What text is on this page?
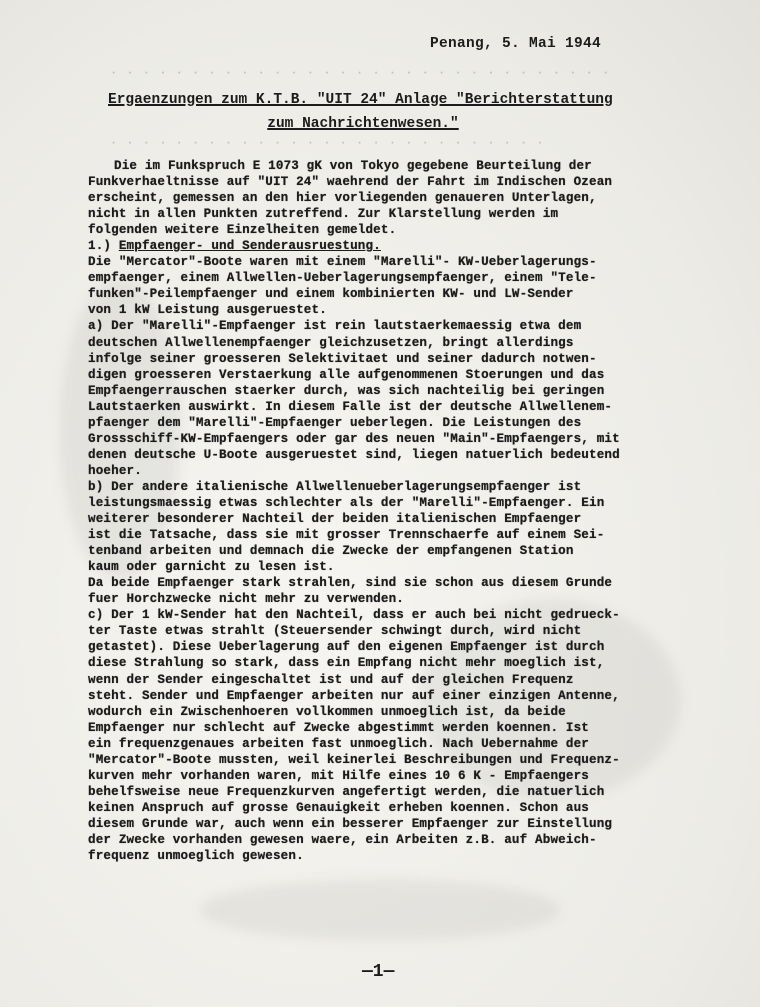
Penang, 5. Mai 1944
· · · · · · · · · · · · · · · · · · · · · · · · · · · · · · ·
· · · · · · · · · · · · · · · · · · · · · · · · · · ·
Ergaenzungen zum K.T.B. "UIT 24" Anlage "Berichterstattung
zum Nachrichtenwesen."
Die im Funkspruch E 1073 gK von Tokyo gegebene Beurteilung der
Funkverhaeltnisse auf "UIT 24" waehrend der Fahrt im Indischen Ozean
erscheint, gemessen an den hier vorliegenden genaueren Unterlagen,
nicht in allen Punkten zutreffend. Zur Klarstellung werden im
folgenden weitere Einzelheiten gemeldet.
1.) Empfaenger- und Senderausruestung.
Die "Mercator"-Boote waren mit einem "Marelli"- KW-Ueberlagerungs-
empfaenger, einem Allwellen-Ueberlagerungsempfaenger, einem "Tele-
funken"-Peilempfaenger und einem kombinierten KW- und LW-Sender
von 1 kW Leistung ausgeruestet.
a) Der "Marelli"-Empfaenger ist rein lautstaerkemaessig etwa dem
deutschen Allwellenempfaenger gleichzusetzen, bringt allerdings
infolge seiner groesseren Selektivitaet und seiner dadurch notwen-
digen groesseren Verstaerkung alle aufgenommenen Stoerungen und das
Empfaengerrauschen staerker durch, was sich nachteilig bei geringen
Lautstaerken auswirkt. In diesem Falle ist der deutsche Allwellenem-
pfaenger dem "Marelli"-Empfaenger ueberlegen. Die Leistungen des
Grossschiff-KW-Empfaengers oder gar des neuen "Main"-Empfaengers, mit
denen deutsche U-Boote ausgeruestet sind, liegen natuerlich bedeutend
hoeher.
b) Der andere italienische Allwellenueberlagerungsempfaenger ist
leistungsmaessig etwas schlechter als der "Marelli"-Empfaenger. Ein
weiterer besonderer Nachteil der beiden italienischen Empfaenger
ist die Tatsache, dass sie mit grosser Trennschaerfe auf einem Sei-
tenband arbeiten und demnach die Zwecke der empfangenen Station
kaum oder garnicht zu lesen ist.
Da beide Empfaenger stark strahlen, sind sie schon aus diesem Grunde
fuer Horchzwecke nicht mehr zu verwenden.
c) Der 1 kW-Sender hat den Nachteil, dass er auch bei nicht gedrueck-
ter Taste etwas strahlt (Steuersender schwingt durch, wird nicht
getastet). Diese Ueberlagerung auf den eigenen Empfaenger ist durch
diese Strahlung so stark, dass ein Empfang nicht mehr moeglich ist,
wenn der Sender eingeschaltet ist und auf der gleichen Frequenz
steht. Sender und Empfaenger arbeiten nur auf einer einzigen Antenne,
wodurch ein Zwischenhoeren vollkommen unmoeglich ist, da beide
Empfaenger nur schlecht auf Zwecke abgestimmt werden koennen. Ist
ein frequenzgenaues arbeiten fast unmoeglich. Nach Uebernahme der
"Mercator"-Boote mussten, weil keinerlei Beschreibungen und Frequenz-
kurven mehr vorhanden waren, mit Hilfe eines 10 6 K - Empfaengers
behelfsweise neue Frequenzkurven angefertigt werden, die natuerlich
keinen Anspruch auf grosse Genauigkeit erheben koennen. Schon aus
diesem Grunde war, auch wenn ein besserer Empfaenger zur Einstellung
der Zwecke vorhanden gewesen waere, ein Arbeiten z.B. auf Abweich-
frequenz unmoeglich gewesen.
—1—
